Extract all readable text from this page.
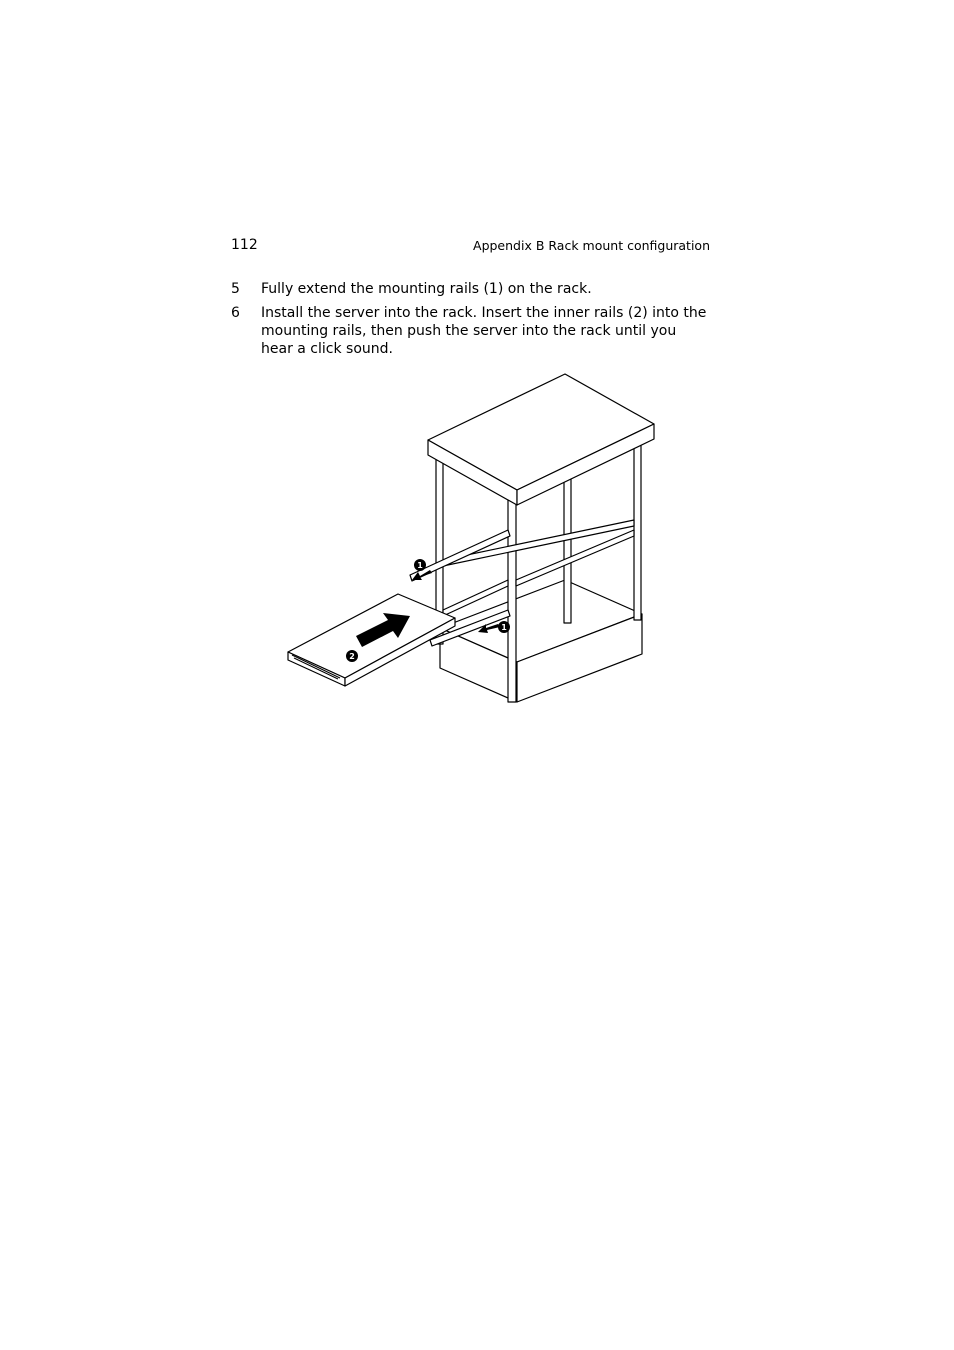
112	Appendix B Rack mount configuration
5 Fully extend the mounting rails (1) on the rack.
6 Install the server into the rack. Insert the inner rails (2) into the mounting rails, then push the server into the rack until you hear a click sound.
1
1
2
